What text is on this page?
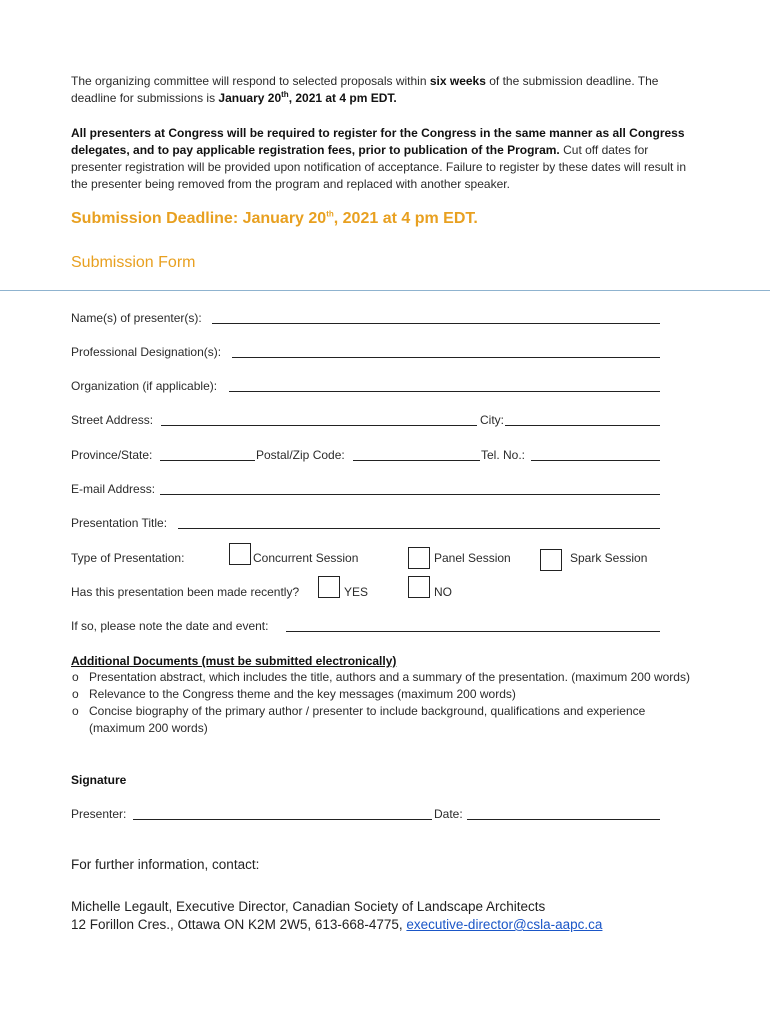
The organizing committee will respond to selected proposals within six weeks of the submission deadline. The deadline for submissions is January 20th, 2021 at 4 pm EDT.
All presenters at Congress will be required to register for the Congress in the same manner as all Congress delegates, and to pay applicable registration fees, prior to publication of the Program. Cut off dates for presenter registration will be provided upon notification of acceptance. Failure to register by these dates will result in the presenter being removed from the program and replaced with another speaker.
Submission Deadline: January 20th, 2021 at 4 pm EDT.
Submission Form
Name(s) of presenter(s):
Professional Designation(s):
Organization (if applicable):
Street Address:	City:
Province/State:	Postal/Zip Code:	Tel. No.:
E-mail Address:
Presentation Title:
Type of Presentation:	Concurrent Session	Panel Session	Spark Session
Has this presentation been made recently?	YES	NO
If so, please note the date and event:
Additional Documents (must be submitted electronically)
o Presentation abstract, which includes the title, authors and a summary of the presentation. (maximum 200 words)
o Relevance to the Congress theme and the key messages (maximum 200 words)
o Concise biography of the primary author / presenter to include background, qualifications and experience (maximum 200 words)
Signature
Presenter:	Date:
For further information, contact:
Michelle Legault, Executive Director, Canadian Society of Landscape Architects
12 Forillon Cres., Ottawa ON K2M 2W5, 613-668-4775, executive-director@csla-aapc.ca
